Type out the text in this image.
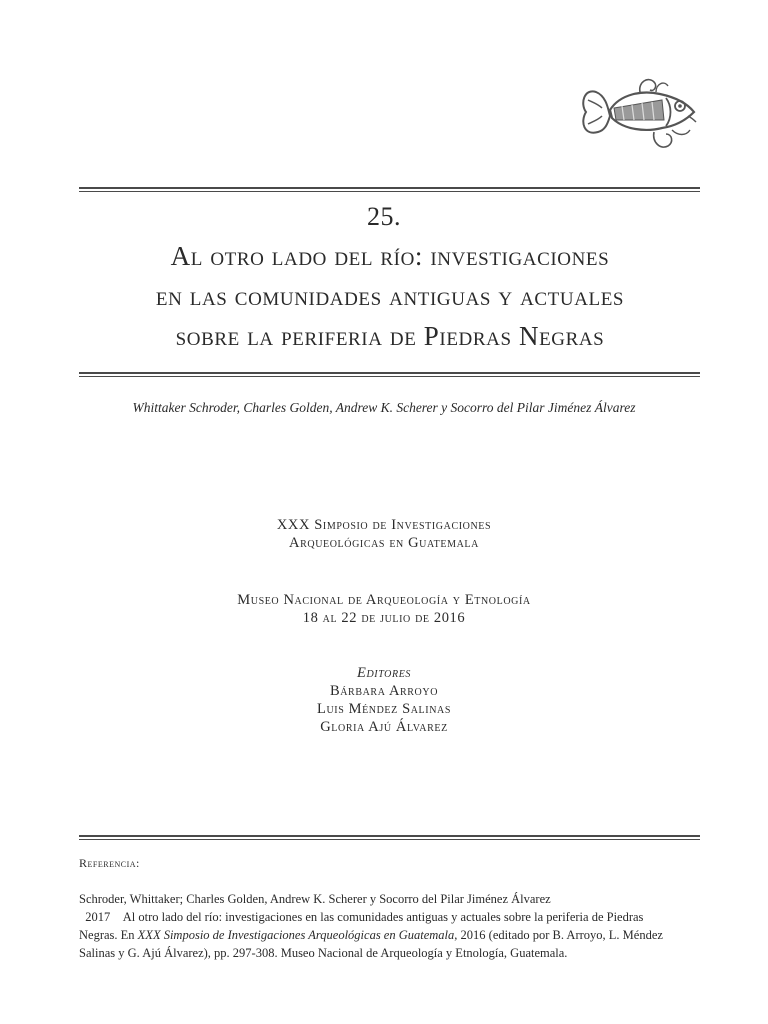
25.
Al otro lado del río: investigaciones
en las comunidades antiguas y actuales
sobre la periferia de Piedras Negras
Whittaker Schroder, Charles Golden, Andrew K. Scherer y Socorro del Pilar Jiménez Álvarez
XXX Simposio de Investigaciones
Arqueológicas en Guatemala
Museo Nacional de Arqueología y Etnología
18 al 22 de julio de 2016
Editores
Bárbara Arroyo
Luis Méndez Salinas
Gloria Ajú Álvarez
Referencia:
Schroder, Whittaker; Charles Golden, Andrew K. Scherer y Socorro del Pilar Jiménez Álvarez
2017 Al otro lado del río: investigaciones en las comunidades antiguas y actuales sobre la periferia de Piedras
Negras. En XXX Simposio de Investigaciones Arqueológicas en Guatemala, 2016 (editado por B. Arroyo, L. Méndez
Salinas y G. Ajú Álvarez), pp. 297-308. Museo Nacional de Arqueología y Etnología, Guatemala.
